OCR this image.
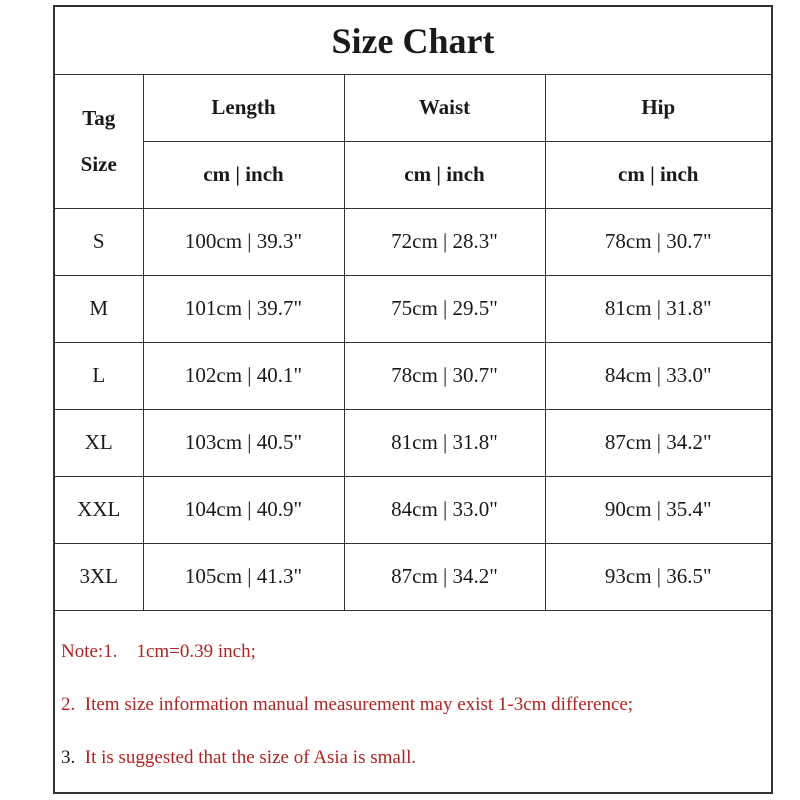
Size Chart
Tag
Size	Length	Waist	Hip
	cm | inch	cm | inch	cm | inch
S	100cm | 39.3"	72cm | 28.3"	78cm | 30.7"
M	101cm | 39.7"	75cm | 29.5"	81cm | 31.8"
L	102cm | 40.1"	78cm | 30.7"	84cm | 33.0"
XL	103cm | 40.5"	81cm | 31.8"	87cm | 34.2"
XXL	104cm | 40.9"	84cm | 33.0"	90cm | 35.4"
3XL	105cm | 41.3"	87cm | 34.2"	93cm | 36.5"
Note:1.    1cm=0.39 inch;
2.  Item size information manual measurement may exist 1-3cm difference;
3.  It is suggested that the size of Asia is small.
